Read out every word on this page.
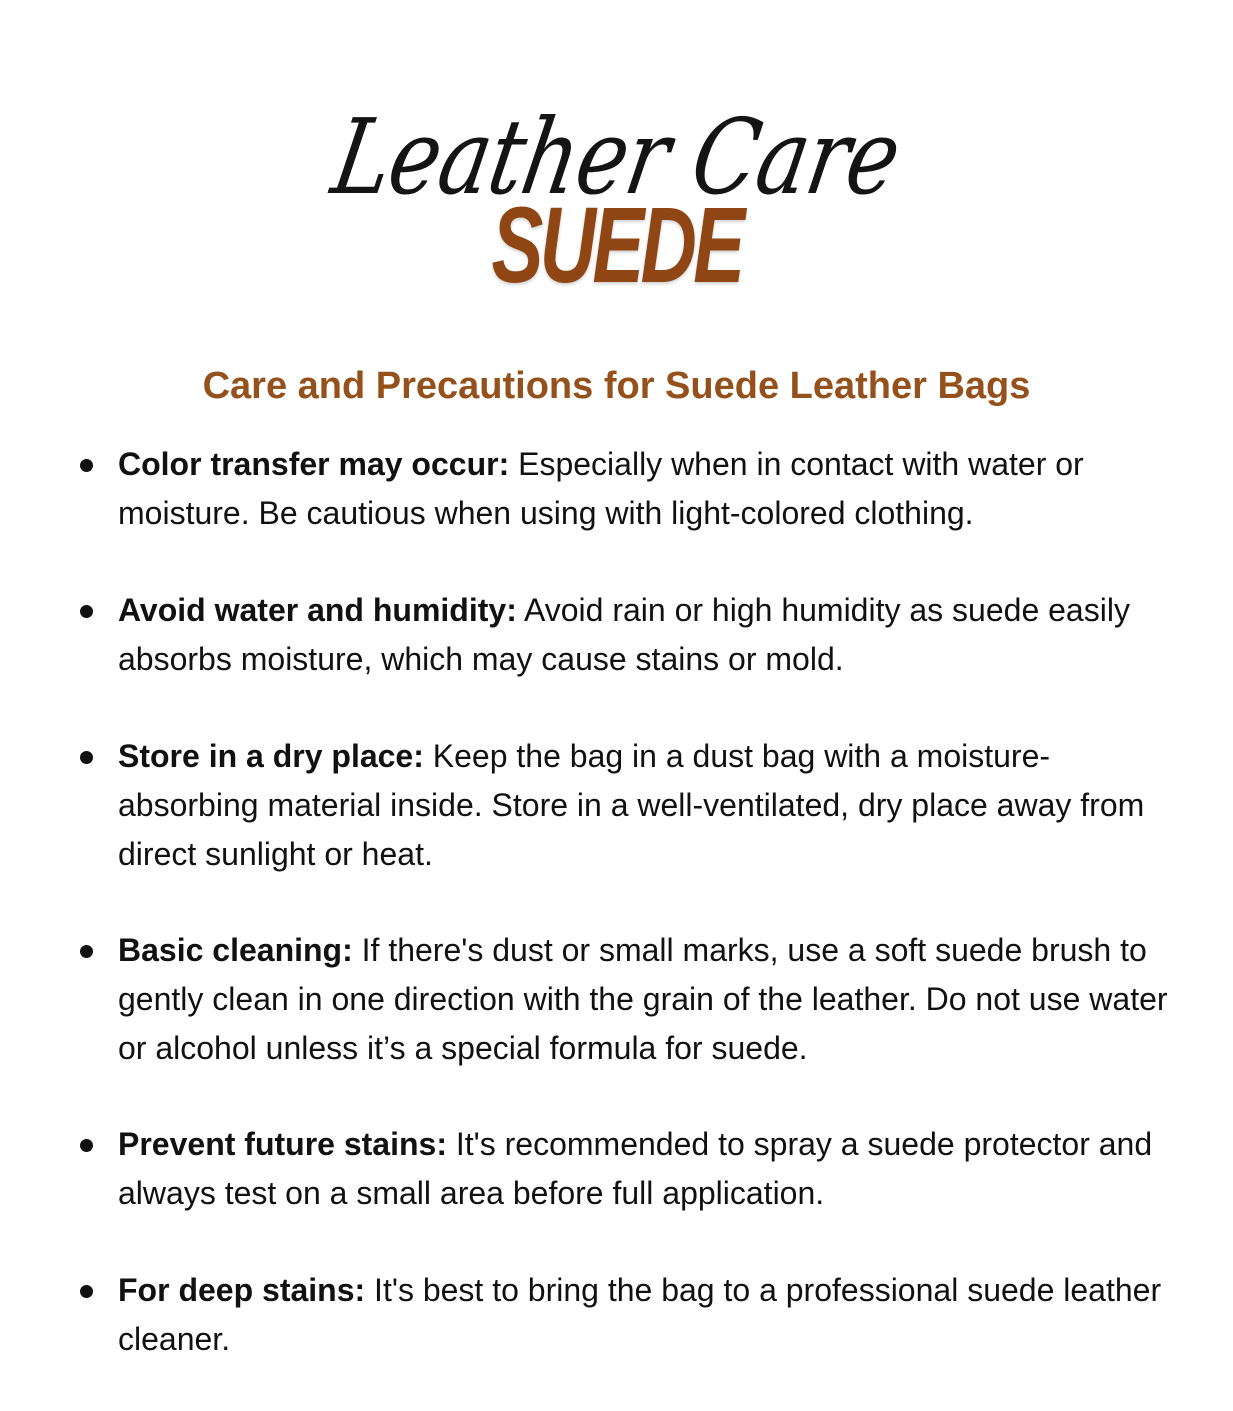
Leather Care
SUEDE
Care and Precautions for Suede Leather Bags
Color transfer may occur: Especially when in contact with water or moisture. Be cautious when using with light-colored clothing.
Avoid water and humidity: Avoid rain or high humidity as suede easily absorbs moisture, which may cause stains or mold.
Store in a dry place: Keep the bag in a dust bag with a moisture-absorbing material inside. Store in a well-ventilated, dry place away from direct sunlight or heat.
Basic cleaning: If there's dust or small marks, use a soft suede brush to gently clean in one direction with the grain of the leather. Do not use water or alcohol unless it’s a special formula for suede.
Prevent future stains: It's recommended to spray a suede protector and always test on a small area before full application.
For deep stains: It's best to bring the bag to a professional suede leather cleaner.
